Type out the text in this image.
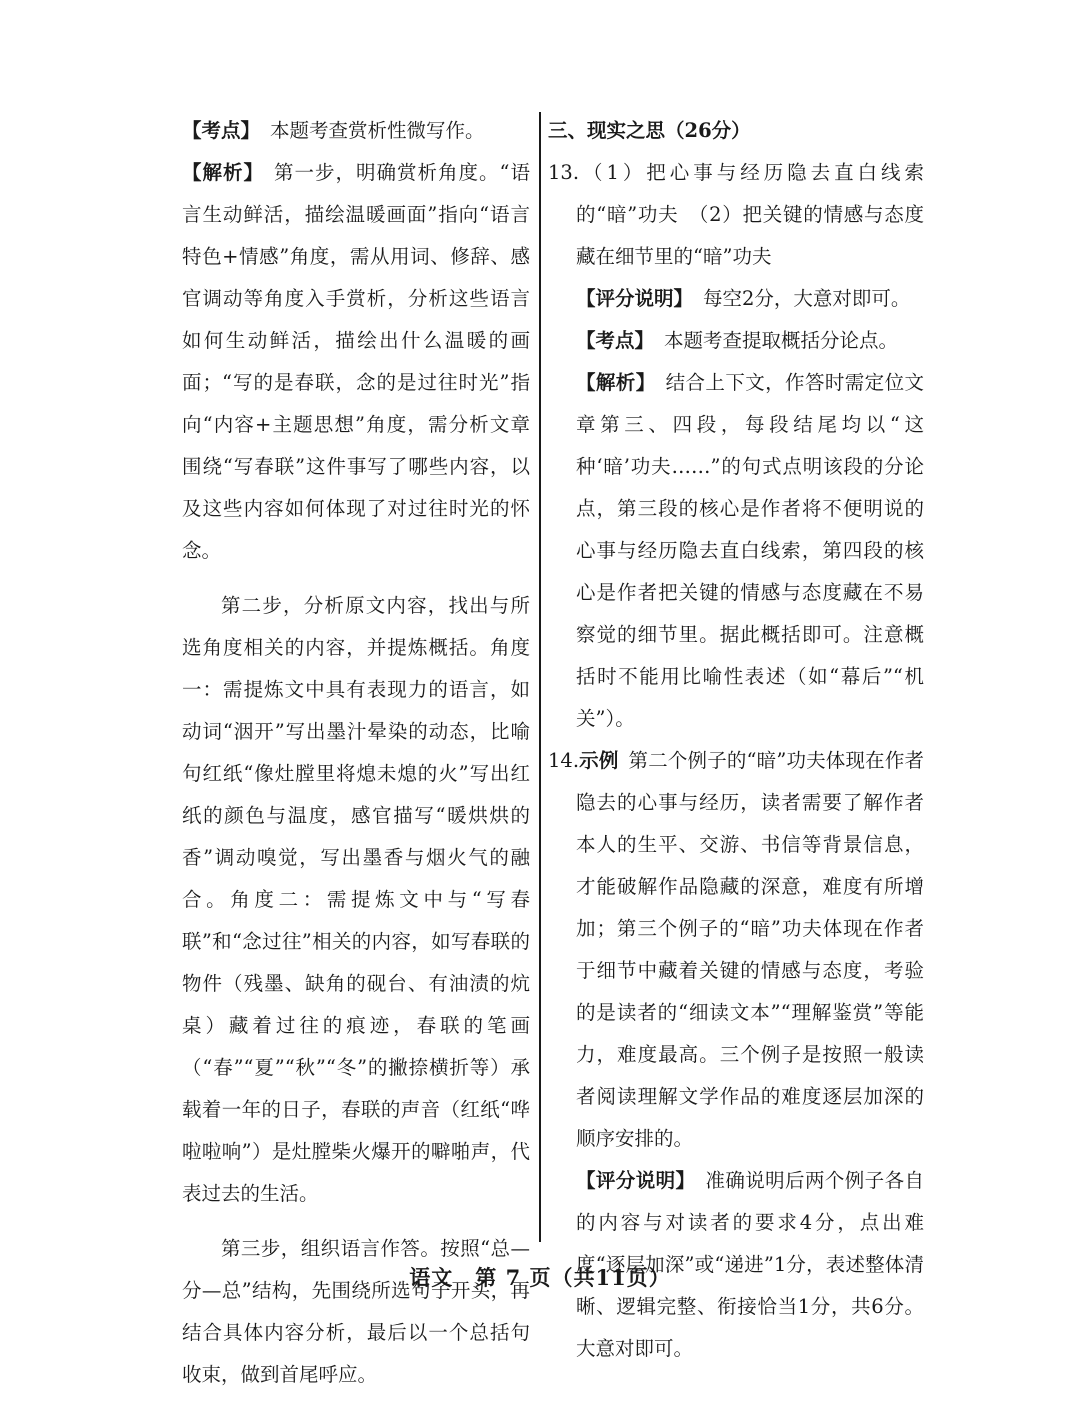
【考点】 本题考查赏析性微写作。

【解析】 第一步，明确赏析角度。“语言生动鲜活，描绘温暖画面”指向“语言特色+情感”角度，需从用词、修辞、感官调动等角度入手赏析，分析这些语言如何生动鲜活，描绘出什么温暖的画面；“写的是春联，念的是过往时光”指向“内容+主题思想”角度，需分析文章围绕“写春联”这件事写了哪些内容，以及这些内容如何体现了对过往时光的怀念。

第二步，分析原文内容，找出与所选角度相关的内容，并提炼概括。角度一：需提炼文中具有表现力的语言，如动词“洇开”写出墨汁晕染的动态，比喻句红纸“像灶膛里将熄未熄的火”写出红纸的颜色与温度，感官描写“暖烘烘的香”调动嗅觉，写出墨香与烟火气的融合。角度二：需提炼文中与“写春联”和“念过往”相关的内容，如写春联的物件（残墨、缺角的砚台、有油渍的炕桌）藏着过往的痕迹，春联的笔画（“春”“夏”“秋”“冬”的撇捺横折等）承载着一年的日子，春联的声音（红纸“哗啦啦响”）是灶膛柴火爆开的噼啪声，代表过去的生活。

第三步，组织语言作答。按照“总—分—总”结构，先围绕所选句子开头，再结合具体内容分析，最后以一个总括句收束，做到首尾呼应。

三、现实之思（26分）

13.（1）把心事与经历隐去直白线索的“暗”功夫　（2）把关键的情感与态度藏在细节里的“暗”功夫

【评分说明】 每空2分，大意对即可。

【考点】 本题考查提取概括分论点。

【解析】 结合上下文，作答时需定位文章第三、四段，每段结尾均以“这种‘暗’功夫……”的句式点明该段的分论点，第三段的核心是作者将不便明说的心事与经历隐去直白线索，第四段的核心是作者把关键的情感与态度藏在不易察觉的细节里。据此概括即可。注意概括时不能用比喻性表述（如“幕后”“机关”）。

14.示例 第二个例子的“暗”功夫体现在作者隐去的心事与经历，读者需要了解作者本人的生平、交游、书信等背景信息，才能破解作品隐藏的深意，难度有所增加；第三个例子的“暗”功夫体现在作者于细节中藏着关键的情感与态度，考验的是读者的“细读文本”“理解鉴赏”等能力，难度最高。三个例子是按照一般读者阅读理解文学作品的难度逐层加深的顺序安排的。

【评分说明】 准确说明后两个例子各自的内容与对读者的要求4分，点出难度“逐层加深”或“递进”1分，表述整体清晰、逻辑完整、衔接恰当1分，共6分。大意对即可。

语文　第 7 页（共11页）
